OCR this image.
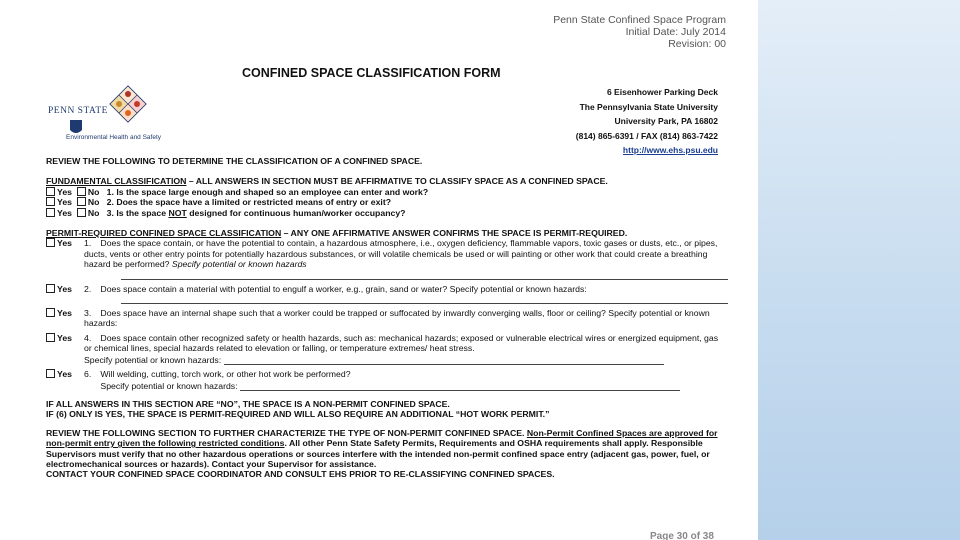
Penn State Confined Space Program
Initial Date: July 2014
Revision: 00
CONFINED SPACE CLASSIFICATION FORM
PENN STATE
Environmental Health and Safety
6 Eisenhower Parking Deck
The Pennsylvania State University
University Park, PA 16802
(814) 865-6391 / FAX (814) 863-7422
http://www.ehs.psu.edu
REVIEW THE FOLLOWING TO DETERMINE THE CLASSIFICATION OF A CONFINED SPACE.
FUNDAMENTAL CLASSIFICATION – ALL ANSWERS IN SECTION MUST BE AFFIRMATIVE TO CLASSIFY SPACE AS A CONFINED SPACE.
Yes No 1. Is the space large enough and shaped so an employee can enter and work?
Yes No 2. Does the space have a limited or restricted means of entry or exit?
Yes No 3. Is the space NOT designed for continuous human/worker occupancy?
PERMIT-REQUIRED CONFINED SPACE CLASSIFICATION – ANY ONE AFFIRMATIVE ANSWER CONFIRMS THE SPACE IS PERMIT-REQUIRED.
Yes	1. Does the space contain, or have the potential to contain, a hazardous atmosphere, i.e., oxygen deficiency, flammable vapors, toxic gases or dusts, etc., or pipes, ducts, vents or other entry points for potentially hazardous substances, or will volatile chemicals be used or will painting or other work that could create a breathing hazard be performed? Specify potential or known hazards
Yes	2. Does space contain a material with potential to engulf a worker, e.g., grain, sand or water? Specify potential or known hazards:
Yes	3. Does space have an internal shape such that a worker could be trapped or suffocated by inwardly converging walls, floor or ceiling? Specify potential or known hazards:
Yes	4. Does space contain other recognized safety or health hazards, such as: mechanical hazards; exposed or vulnerable electrical wires or energized equipment, gas or chemical lines, special hazards related to elevation or falling, or temperature extremes/ heat stress.
Specify potential or known hazards:
Yes	6. Will welding, cutting, torch work, or other hot work be performed?
Specify potential or known hazards:
IF ALL ANSWERS IN THIS SECTION ARE “NO”, THE SPACE IS A NON-PERMIT CONFINED SPACE.
IF (6) ONLY IS YES, THE SPACE IS PERMIT-REQUIRED AND WILL ALSO REQUIRE AN ADDITIONAL “HOT WORK PERMIT.”
REVIEW THE FOLLOWING SECTION TO FURTHER CHARACTERIZE THE TYPE OF NON-PERMIT CONFINED SPACE. Non-Permit Confined Spaces are approved for non-permit entry given the following restricted conditions. All other Penn State Safety Permits, Requirements and OSHA requirements shall apply. Responsible Supervisors must verify that no other hazardous operations or sources interfere with the intended non-permit confined space entry (adjacent gas, power, fuel, or electromechanical sources or hazards). Contact your Supervisor for assistance.
CONTACT YOUR CONFINED SPACE COORDINATOR AND CONSULT EHS PRIOR TO RE-CLASSIFYING CONFINED SPACES.
Page 30 of 38
